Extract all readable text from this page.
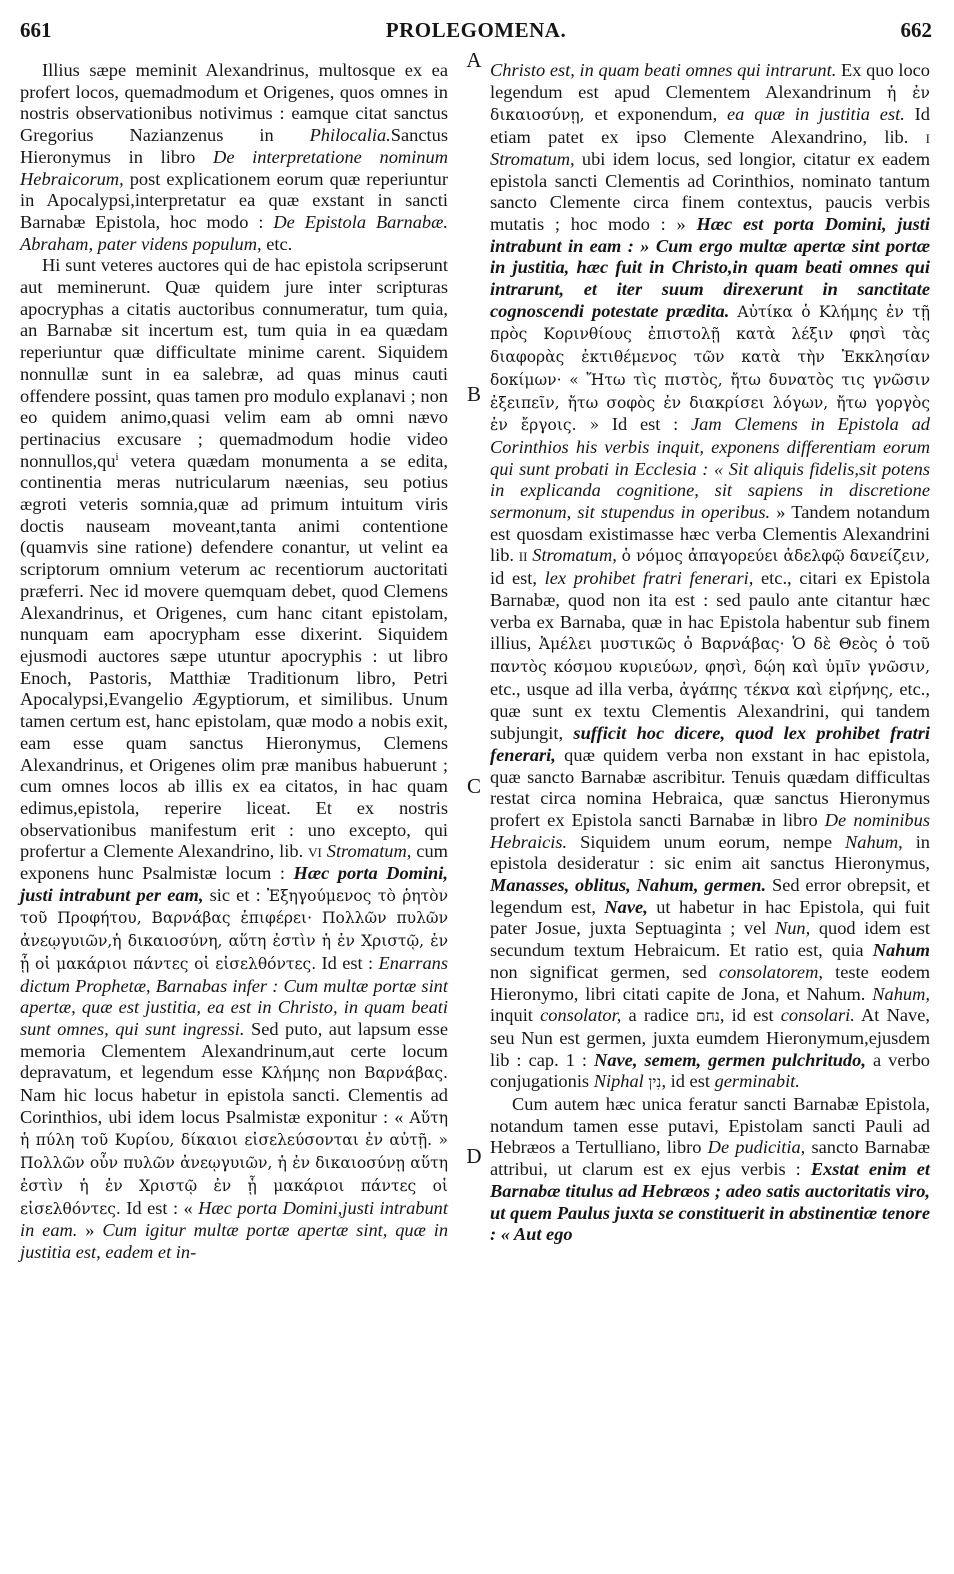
661	PROLEGOMENA.	662
A
B
C
D

Illius sæpe meminit Alexandrinus, multosque ex ea profert locos, quemadmodum et Origenes, quos omnes in nostris observationibus notivimus : eamque citat sanctus Gregorius Nazianzenus in Philocalia.Sanctus Hieronymus in libro De interpretatione nominum Hebraicorum, post explicationem eorum quæ reperiuntur in Apocalypsi,interpretatur ea quæ exstant in sancti Barnabæ Epistola, hoc modo : De Epistola Barnabæ. Abraham, pater videns populum, etc.

Hi sunt veteres auctores qui de hac epistola scripserunt aut meminerunt. Quæ quidem jure inter scripturas apocryphas a citatis auctoribus connumeratur, tum quia, an Barnabæ sit incertum est, tum quia in ea quædam reperiuntur quæ difficultate minime carent. Siquidem nonnullæ sunt in ea salebræ, ad quas minus cauti offendere possint, quas tamen pro modulo explanavi ; non eo quidem animo,quasi velim eam ab omni nævo pertinacius excusare ; quemadmodum hodie video $nonnullos,qu^i$ vetera quædam monumenta a se edita, continentia meras nutricularum næenias, seu potius ægroti veteris somnia,quæ ad primum intuitum viris doctis nauseam moveant,tanta animi contentione (quamvis sine ratione) defendere conantur, ut velint ea scriptorum omnium veterum ac recentiorum auctoritati præferri. Nec id movere quemquam debet, quod Clemens Alexandrinus, et Origenes, cum hanc citant epistolam, nunquam eam apocrypham esse dixerint. Siquidem ejusmodi auctores sæpe utuntur apocryphis : ut libro Enoch, Pastoris, Matthiæ Traditionum libro, Petri Apocalypsi,Evangelio Ægyptiorum, et similibus. Unum tamen certum est, hanc epistolam, quæ modo a nobis exit, eam esse quam sanctus Hieronymus, Clemens Alexandrinus, et Origenes olim præ manibus habuerunt ; cum omnes locos ab illis ex ea citatos, in hac quam edimus,epistola, reperire liceat. Et ex nostris observationibus manifestum erit : uno excepto, qui profertur a Clemente Alexandrino, lib. vi Stromatum, cum exponens hunc Psalmistæ locum : Hæc porta Domini, justi intrabunt per eam, sic et : Ἐξηγούμενος τὸ ῥητὸν τοῦ Προφήτου, Βαρνάβας ἐπιφέρει· Πολλῶν πυλῶν ἀνεῳγυιῶν,ἡ δικαιοσύνη, αὕτη ἐστὶν ἡ ἐν Χριστῷ, ἐν ᾗ οἱ μακάριοι πάντες οἱ εἰσελθόντες. Id est : Enarrans dictum Prophetæ, Barnabas infer : Cum multæ portæ sint apertæ, quæ est justitia, ea est in Christo, in quam beati sunt omnes, qui sunt ingressi. Sed puto, aut lapsum esse memoria Clementem Alexandrinum,aut certe locum depravatum, et legendum esse Κλήμης non Βαρνάβας. Nam hic locus habetur in epistola sancti. Clementis ad Corinthios, ubi idem locus Psalmistæ exponitur : « Αὕτη ἡ πύλη τοῦ Κυρίου, δίκαιοι εἰσελεύσονται ἐν αὐτῇ. » Πολλῶν οὖν πυλῶν ἀνεῳγυιῶν, ἡ ἐν δικαιοσύνῃ αὕτη ἐστὶν ἡ ἐν Χριστῷ ἐν ᾗ μακάριοι πάντες οἱ εἰσελθόντες. Id est : « Hæc porta Domini,justi intrabunt in eam. » Cum igitur multæ portæ apertæ sint, quæ in justitia est, eadem et in-

Christo est, in quam beati omnes qui intrarunt. Ex quo loco legendum est apud Clementem Alexandrinum ἡ ἐν δικαιοσύνῃ, et exponendum, ea quæ in justitia est. Id etiam patet ex ipso Clemente Alexandrino, lib. i Stromatum, ubi idem locus, sed longior, citatur ex eadem epistola sancti Clementis ad Corinthios, nominato tantum sancto Clemente circa finem contextus, paucis verbis mutatis ; hoc modo : » Hæc est porta Domini, justi intrabunt in eam : » Cum ergo multæ apertæ sint portæ in justitia, hæc fuit in Christo,in quam beati omnes qui intrarunt, et iter suum direxerunt in sanctitate cognoscendi potestate prædita. Αὐτίκα ὁ Κλήμης ἐν τῇ πρὸς Κορινθίους ἐπιστολῇ κατὰ λέξιν φησὶ τὰς διαφορὰς ἐκτιθέμενος τῶν κατὰ τὴν Ἐκκλησίαν δοκίμων· « Ἤτω τὶς πιστὸς, ἤτω δυνατὸς τις γνῶσιν ἐξειπεῖν, ἤτω σοφὸς ἐν διακρίσει λόγων, ἤτω γοργὸς ἐν ἔργοις. » Id est : Jam Clemens in Epistola ad Corinthios his verbis inquit, exponens differentiam eorum qui sunt probati in Ecclesia : « Sit aliquis fidelis,sit potens in explicanda cognitione, sit sapiens in discretione sermonum, sit stupendus in operibus. » Tandem notandum est quosdam existimasse hæc verba Clementis Alexandrini lib. ii Stromatum, ὁ νόμος ἀπαγορεύει ἀδελφῷ δανείζειν, id est, lex prohibet fratri fenerari, etc., citari ex Epistola Barnabæ, quod non ita est : sed paulo ante citantur hæc verba ex Barnaba, quæ in hac Epistola habentur sub finem illius, Ἀμέλει μυστικῶς ὁ Βαρνάβας· Ὁ δὲ Θεὸς ὁ τοῦ παντὸς κόσμου κυριεύων, φησὶ, δῴη καὶ ὑμῖν γνῶσιν, etc., usque ad illa verba, ἀγάπης τέκνα καὶ εἰρήνης, etc., quæ sunt ex textu Clementis Alexandrini, qui tandem subjungit, sufficit hoc dicere, quod lex prohibet fratri fenerari, quæ quidem verba non exstant in hac epistola, quæ sancto Barnabæ ascribitur. Tenuis quædam difficultas restat circa nomina Hebraica, quæ sanctus Hieronymus profert ex Epistola sancti Barnabæ in libro De nominibus Hebraicis. Siquidem unum eorum, nempe Nahum, in epistola desideratur : sic enim ait sanctus Hieronymus, Manasses, oblitus, Nahum, germen. Sed error obrepsit, et legendum est, Nave, ut habetur in hac Epistola, qui fuit pater Josue, juxta Septuaginta ; vel Nun, quod idem est secundum textum Hebraicum. Et ratio est, quia Nahum non significat germen, sed consolatorem, teste eodem Hieronymo, libri citati capite de Jona, et Nahum. Nahum, inquit consolator, a radice נחם, id est consolari. At Nave, seu Nun est germen, juxta eumdem Hieronymum,ejusdem lib : cap. 1 : Nave, semem, germen pulchritudo, a verbo conjugationis Niphal נִין, id est germinabit.

Cum autem hæc unica feratur sancti Barnabæ Epistola, notandum tamen esse putavi, Epistolam sancti Pauli ad Hebræos a Tertulliano, libro De pudicitia, sancto Barnabæ attribui, ut clarum est ex ejus verbis : Exstat enim et Barnabæ titulus ad Hebræos ; adeo satis auctoritatis viro, ut quem Paulus juxta se constituerit in abstinentiæ tenore : « Aut ego
